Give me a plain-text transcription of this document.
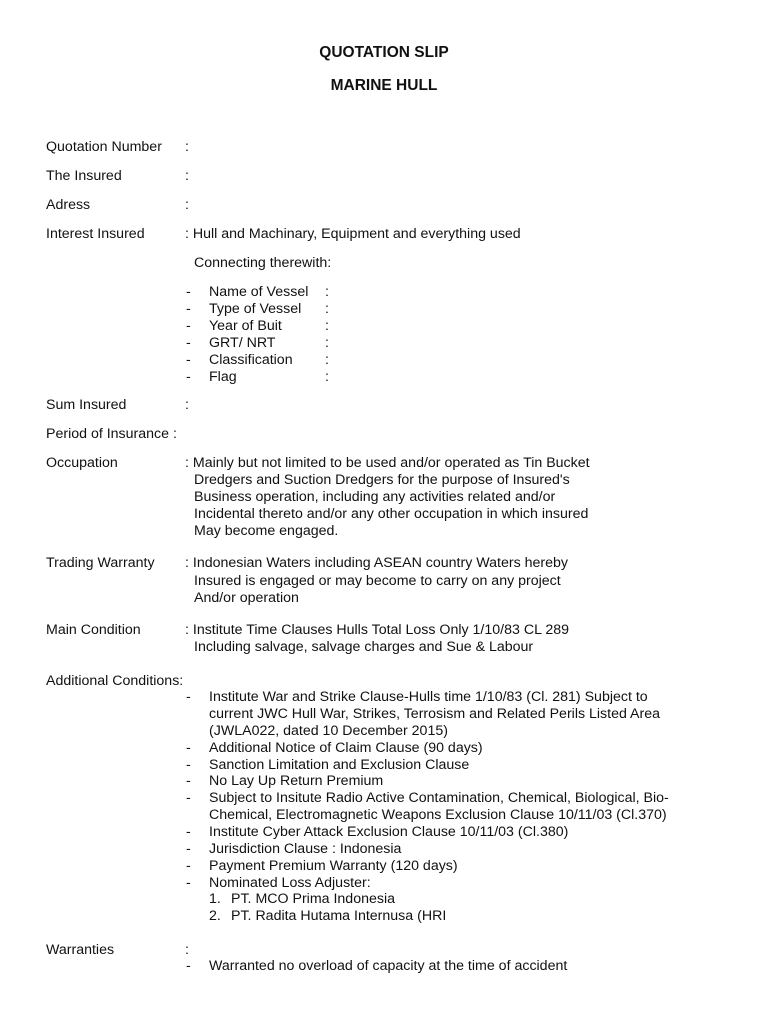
QUOTATION SLIP
MARINE HULL
Quotation Number :
The Insured	:
Adress	:
Interest Insured	: Hull and Machinary, Equipment and everything used
Connecting therewith:
- Name of Vessel :
- Type of Vessel :
- Year of Buit	:
- GRT/ NRT	:
- Classification :
- Flag	:
Sum Insured	:
Period of Insurance :
Occupation	: Mainly but not limited to be used and/or operated as Tin Bucket
Dredgers and Suction Dredgers for the purpose of Insured's
Business operation, including any activities related and/or
Incidental thereto and/or any other occupation in which insured
May become engaged.
Trading Warranty : Indonesian Waters including ASEAN country Waters hereby
Insured is engaged or may become to carry on any project
And/or operation
Main Condition	: Institute Time Clauses Hulls Total Loss Only 1/10/83 CL 289
Including salvage, salvage charges and Sue & Labour
Additional Conditions:
- Institute War and Strike Clause-Hulls time 1/10/83 (Cl. 281) Subject to
current JWC Hull War, Strikes, Terrosism and Related Perils Listed Area
(JWLA022, dated 10 December 2015)
- Additional Notice of Claim Clause (90 days)
- Sanction Limitation and Exclusion Clause
- No Lay Up Return Premium
- Subject to Insitute Radio Active Contamination, Chemical, Biological, Bio-
Chemical, Electromagnetic Weapons Exclusion Clause 10/11/03 (Cl.370)
- Institute Cyber Attack Exclusion Clause 10/11/03 (Cl.380)
- Jurisdiction Clause : Indonesia
- Payment Premium Warranty (120 days)
- Nominated Loss Adjuster:
1. PT. MCO Prima Indonesia
2. PT. Radita Hutama Internusa (HRI
Warranties	:
- Warranted no overload of capacity at the time of accident
